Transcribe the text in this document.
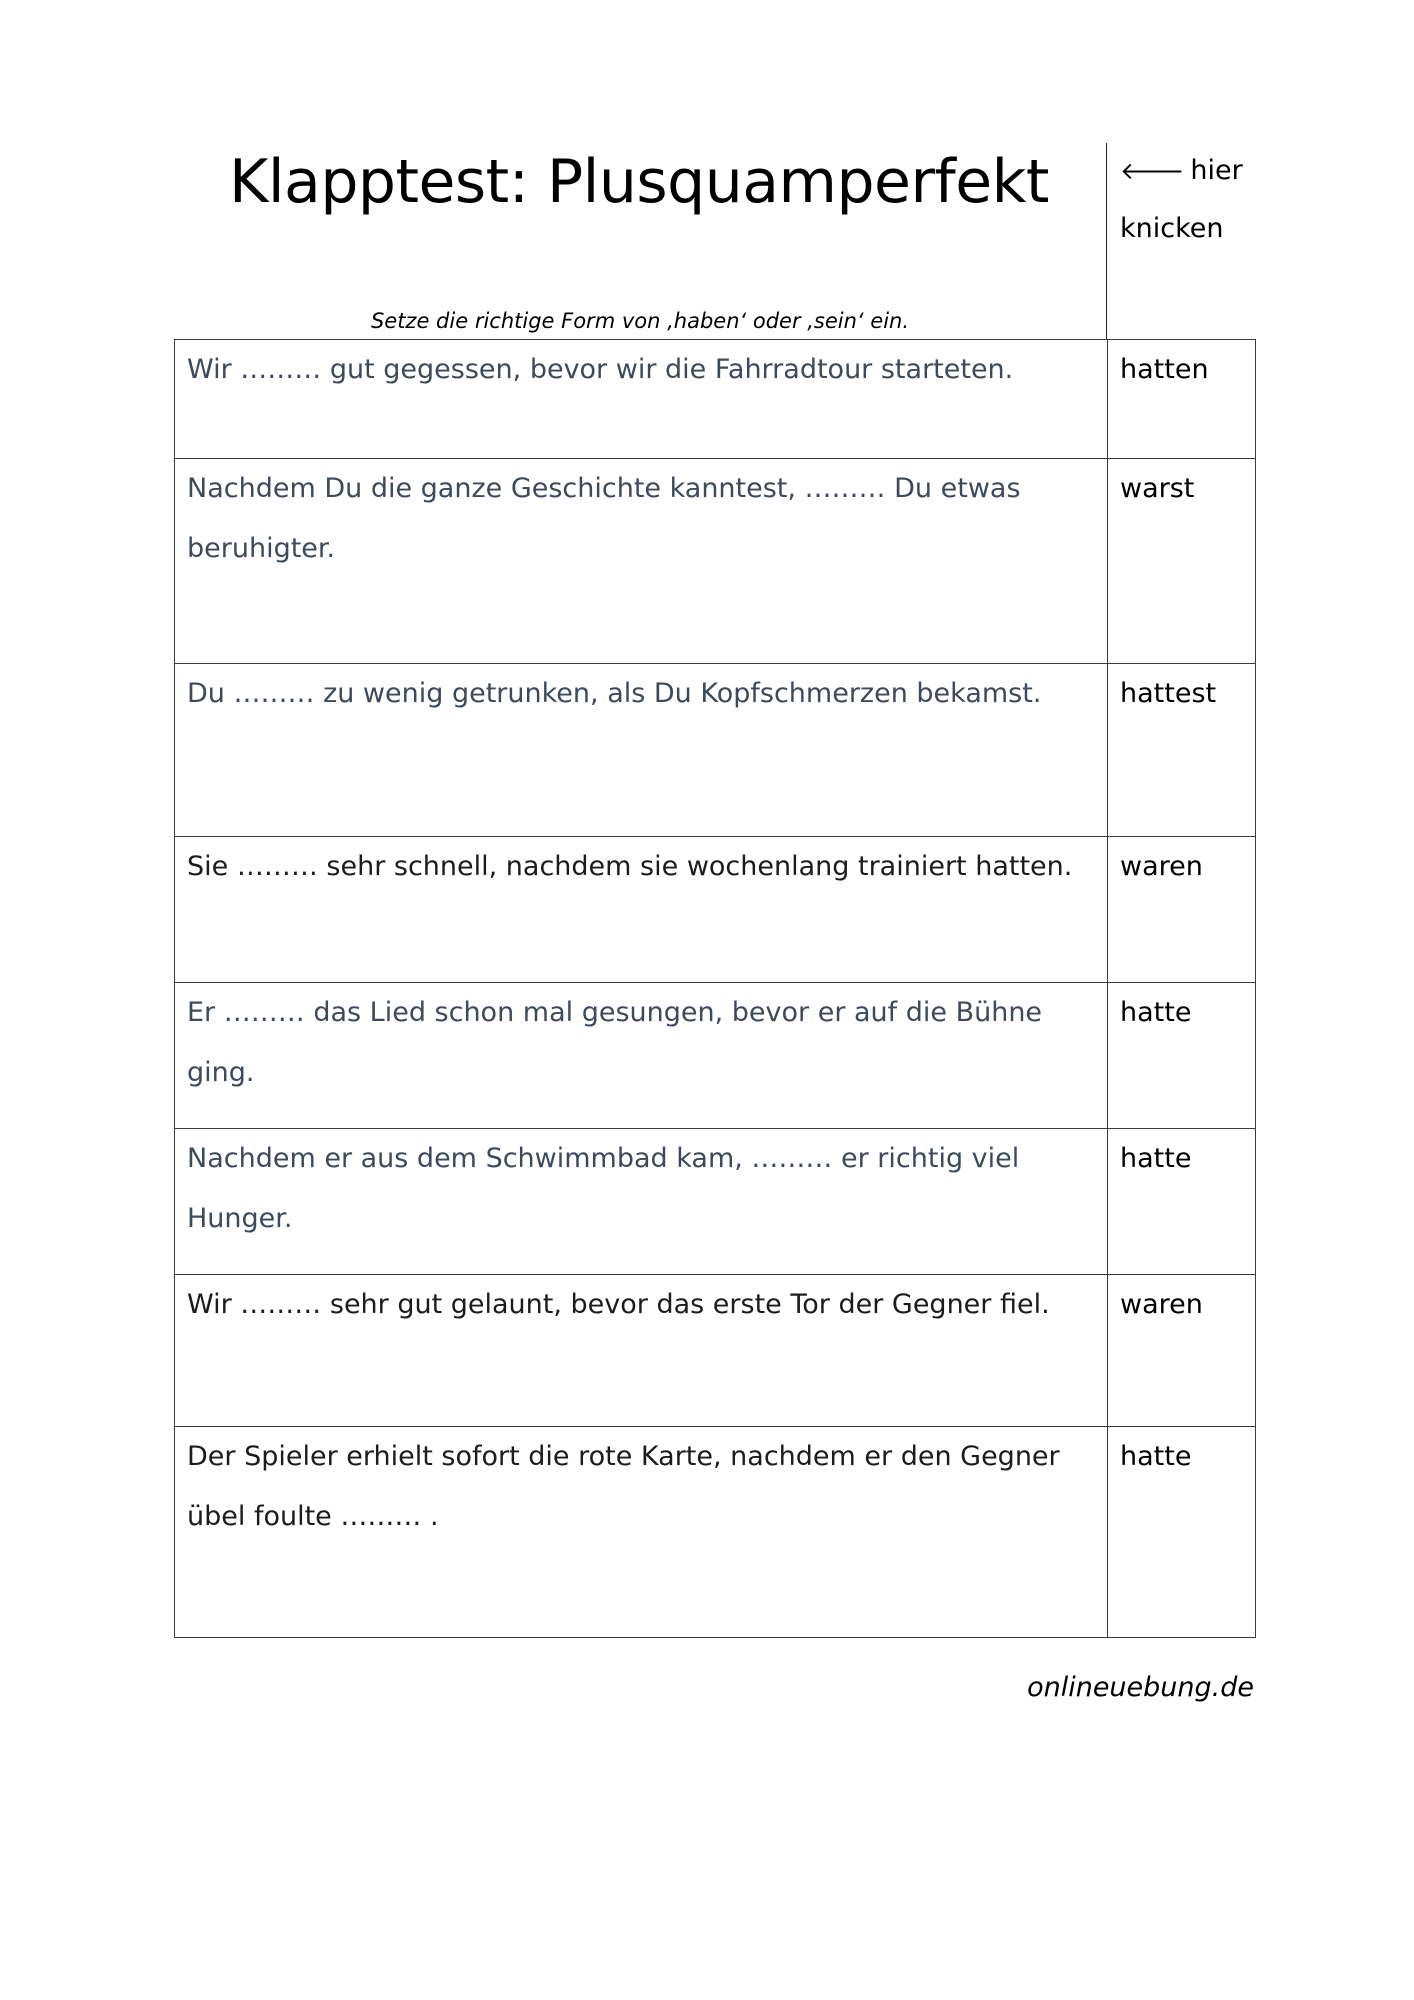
Klapptest: Plusquamperfekt	🡐 hier
knicken
Setze die richtige Form von ‚haben‘ oder ‚sein‘ ein.
Wir ……… gut gegessen, bevor wir die Fahrradtour starteten.	hatten
Nachdem Du die ganze Geschichte kanntest, ……… Du etwas beruhigter.	warst
Du ……… zu wenig getrunken, als Du Kopfschmerzen bekamst.	hattest
Sie ……… sehr schnell, nachdem sie wochenlang trainiert hatten.	waren
Er ……… das Lied schon mal gesungen, bevor er auf die Bühne ging.	hatte
Nachdem er aus dem Schwimmbad kam, ……… er richtig viel Hunger.	hatte
Wir ……… sehr gut gelaunt, bevor das erste Tor der Gegner fiel.	waren
Der Spieler erhielt sofort die rote Karte, nachdem er den Gegner übel foulte ……… .	hatte
onlineuebung.de
